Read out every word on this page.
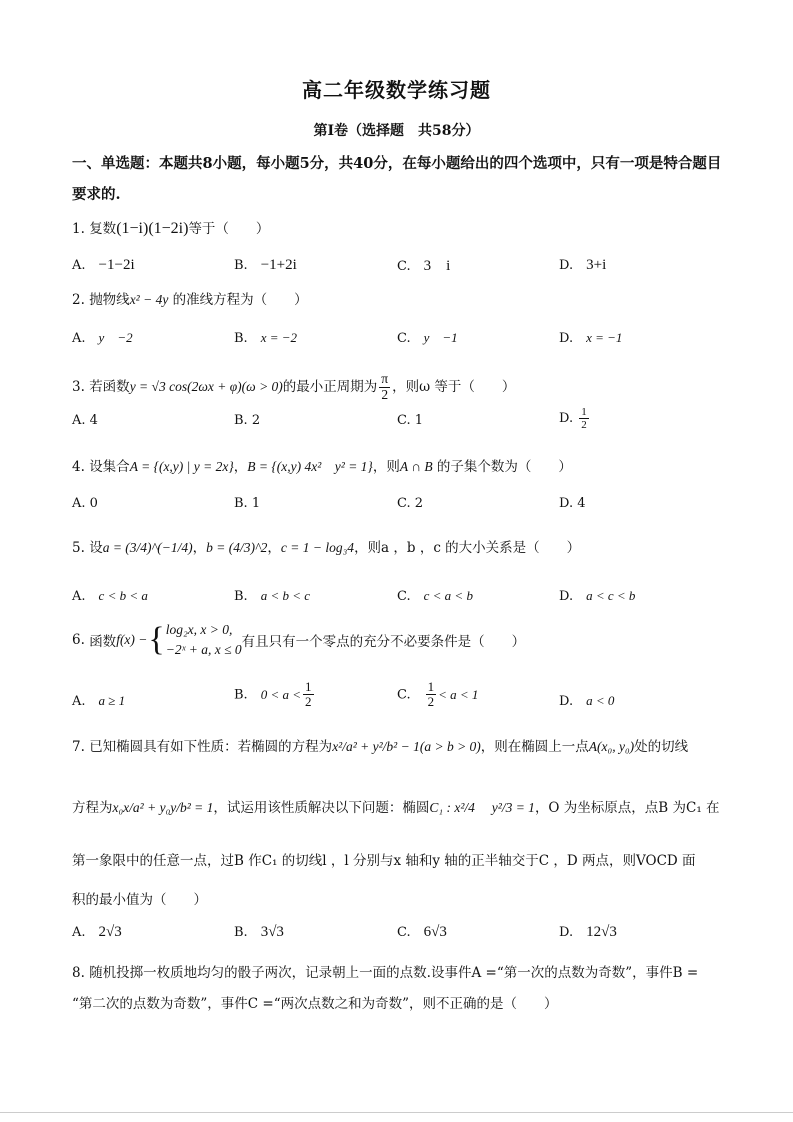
高二年级数学练习题
第I卷（选择题　共58分）
一、单选题：本题共8小题，每小题5分，共40分，在每小题给出的四个选项中，只有一项是特合题目要求的.
1. 复数(1−i)(1−2i)等于（　　）
A.　 −1−2i	B.　 −1+2i	C.　 3　i	D.　 3+i
2. 抛物线x² − 4y 的准线方程为（　　）
A.　 y　−2	B.　 x = −2	C.　 y　−1	D.　 x = −1
3. 若函数y = √3 cos(2ωx + φ)(ω > 0)的最小正周期为 $\frac{\pi}{2}$ ，则ω 等于（　　）
A. 4	B. 2	C. 1	D. $\frac{1}{2}$
4. 设集合A = {(x,y) | y = 2x}，B = {(x,y) 4x²　y² = 1}，则A ∩ B 的子集个数为（　　）
A. 0	B. 1	C. 2	D. 4
5. 设a = (3/4)^(−1/4)，b = (4/3)^2，c = 1 − log₃4，则a ，b ，c 的大小关系是（　　）
A.　 c < b < a	B.　 a < b < c	C.　 c < a < b	D.　 a < c < b
6. 函数f(x) −{ log₂x, x > 0,
−2ˣ + a, x ≤ 0 有且只有一个零点的充分不必要条件是（　　）
A.　 a ≥ 1	B.　 $0 < a < \frac{1}{2}$	C.　 $\frac{1}{2} < a < 1$	D.　 a < 0
7. 已知椭圆具有如下性质：若椭圆的方程为x²/a² + y²/b² − 1(a > b > 0)，则在椭圆上一点A(x₀, y₀)处的切线
方程为x₀x/a² + y₀y/b² = 1，试运用该性质解决以下问题：椭圆C₁ : x²/4 　y²/3 = 1，O 为坐标原点，点B 为C₁ 在
第一象限中的任意一点，过B 作C₁ 的切线l ，l 分别与x 轴和y 轴的正半轴交于C ，D 两点，则VOCD 面
积的最小值为（　　）
A.　 2√3	B.　 3√3	C.　 6√3	D.　 12√3
8. 随机投掷一枚质地均匀的骰子两次，记录朝上一面的点数.设事件A =“第一次的点数为奇数”，事件B =
“第二次的点数为奇数”，事件C =“两次点数之和为奇数”，则不正确的是（　　）
